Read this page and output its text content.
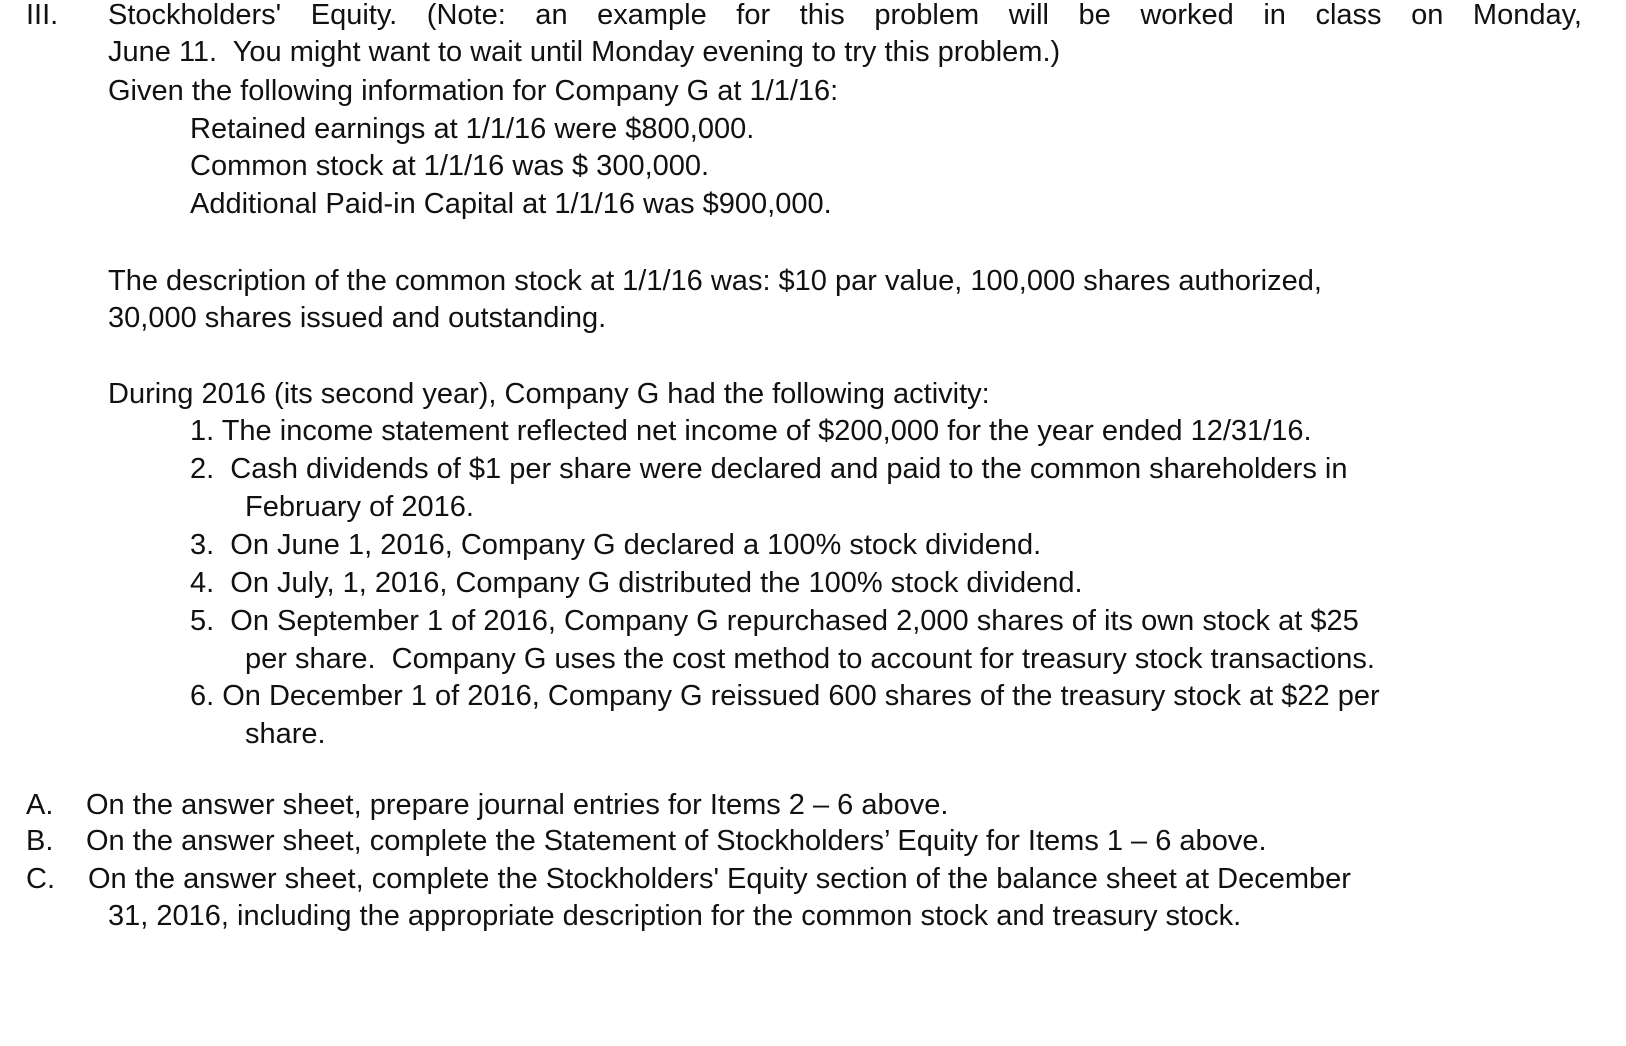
III. Stockholders' Equity. (Note: an example for this problem will be worked in class on Monday,
June 11.  You might want to wait until Monday evening to try this problem.)
Given the following information for Company G at 1/1/16:
Retained earnings at 1/1/16 were $800,000.
Common stock at 1/1/16 was $ 300,000.
Additional Paid-in Capital at 1/1/16 was $900,000.
The description of the common stock at 1/1/16 was: $10 par value, 100,000 shares authorized,
30,000 shares issued and outstanding.
During 2016 (its second year), Company G had the following activity:
1. The income statement reflected net income of $200,000 for the year ended 12/31/16.
2.  Cash dividends of $1 per share were declared and paid to the common shareholders in
February of 2016.
3.  On June 1, 2016, Company G declared a 100% stock dividend.
4.  On July, 1, 2016, Company G distributed the 100% stock dividend.
5.  On September 1 of 2016, Company G repurchased 2,000 shares of its own stock at $25
per share.  Company G uses the cost method to account for treasury stock transactions.
6. On December 1 of 2016, Company G reissued 600 shares of the treasury stock at $22 per
share.
A. On the answer sheet, prepare journal entries for Items 2 – 6 above.
B. On the answer sheet, complete the Statement of Stockholders’ Equity for Items 1 – 6 above.
C. On the answer sheet, complete the Stockholders' Equity section of the balance sheet at December
31, 2016, including the appropriate description for the common stock and treasury stock.
